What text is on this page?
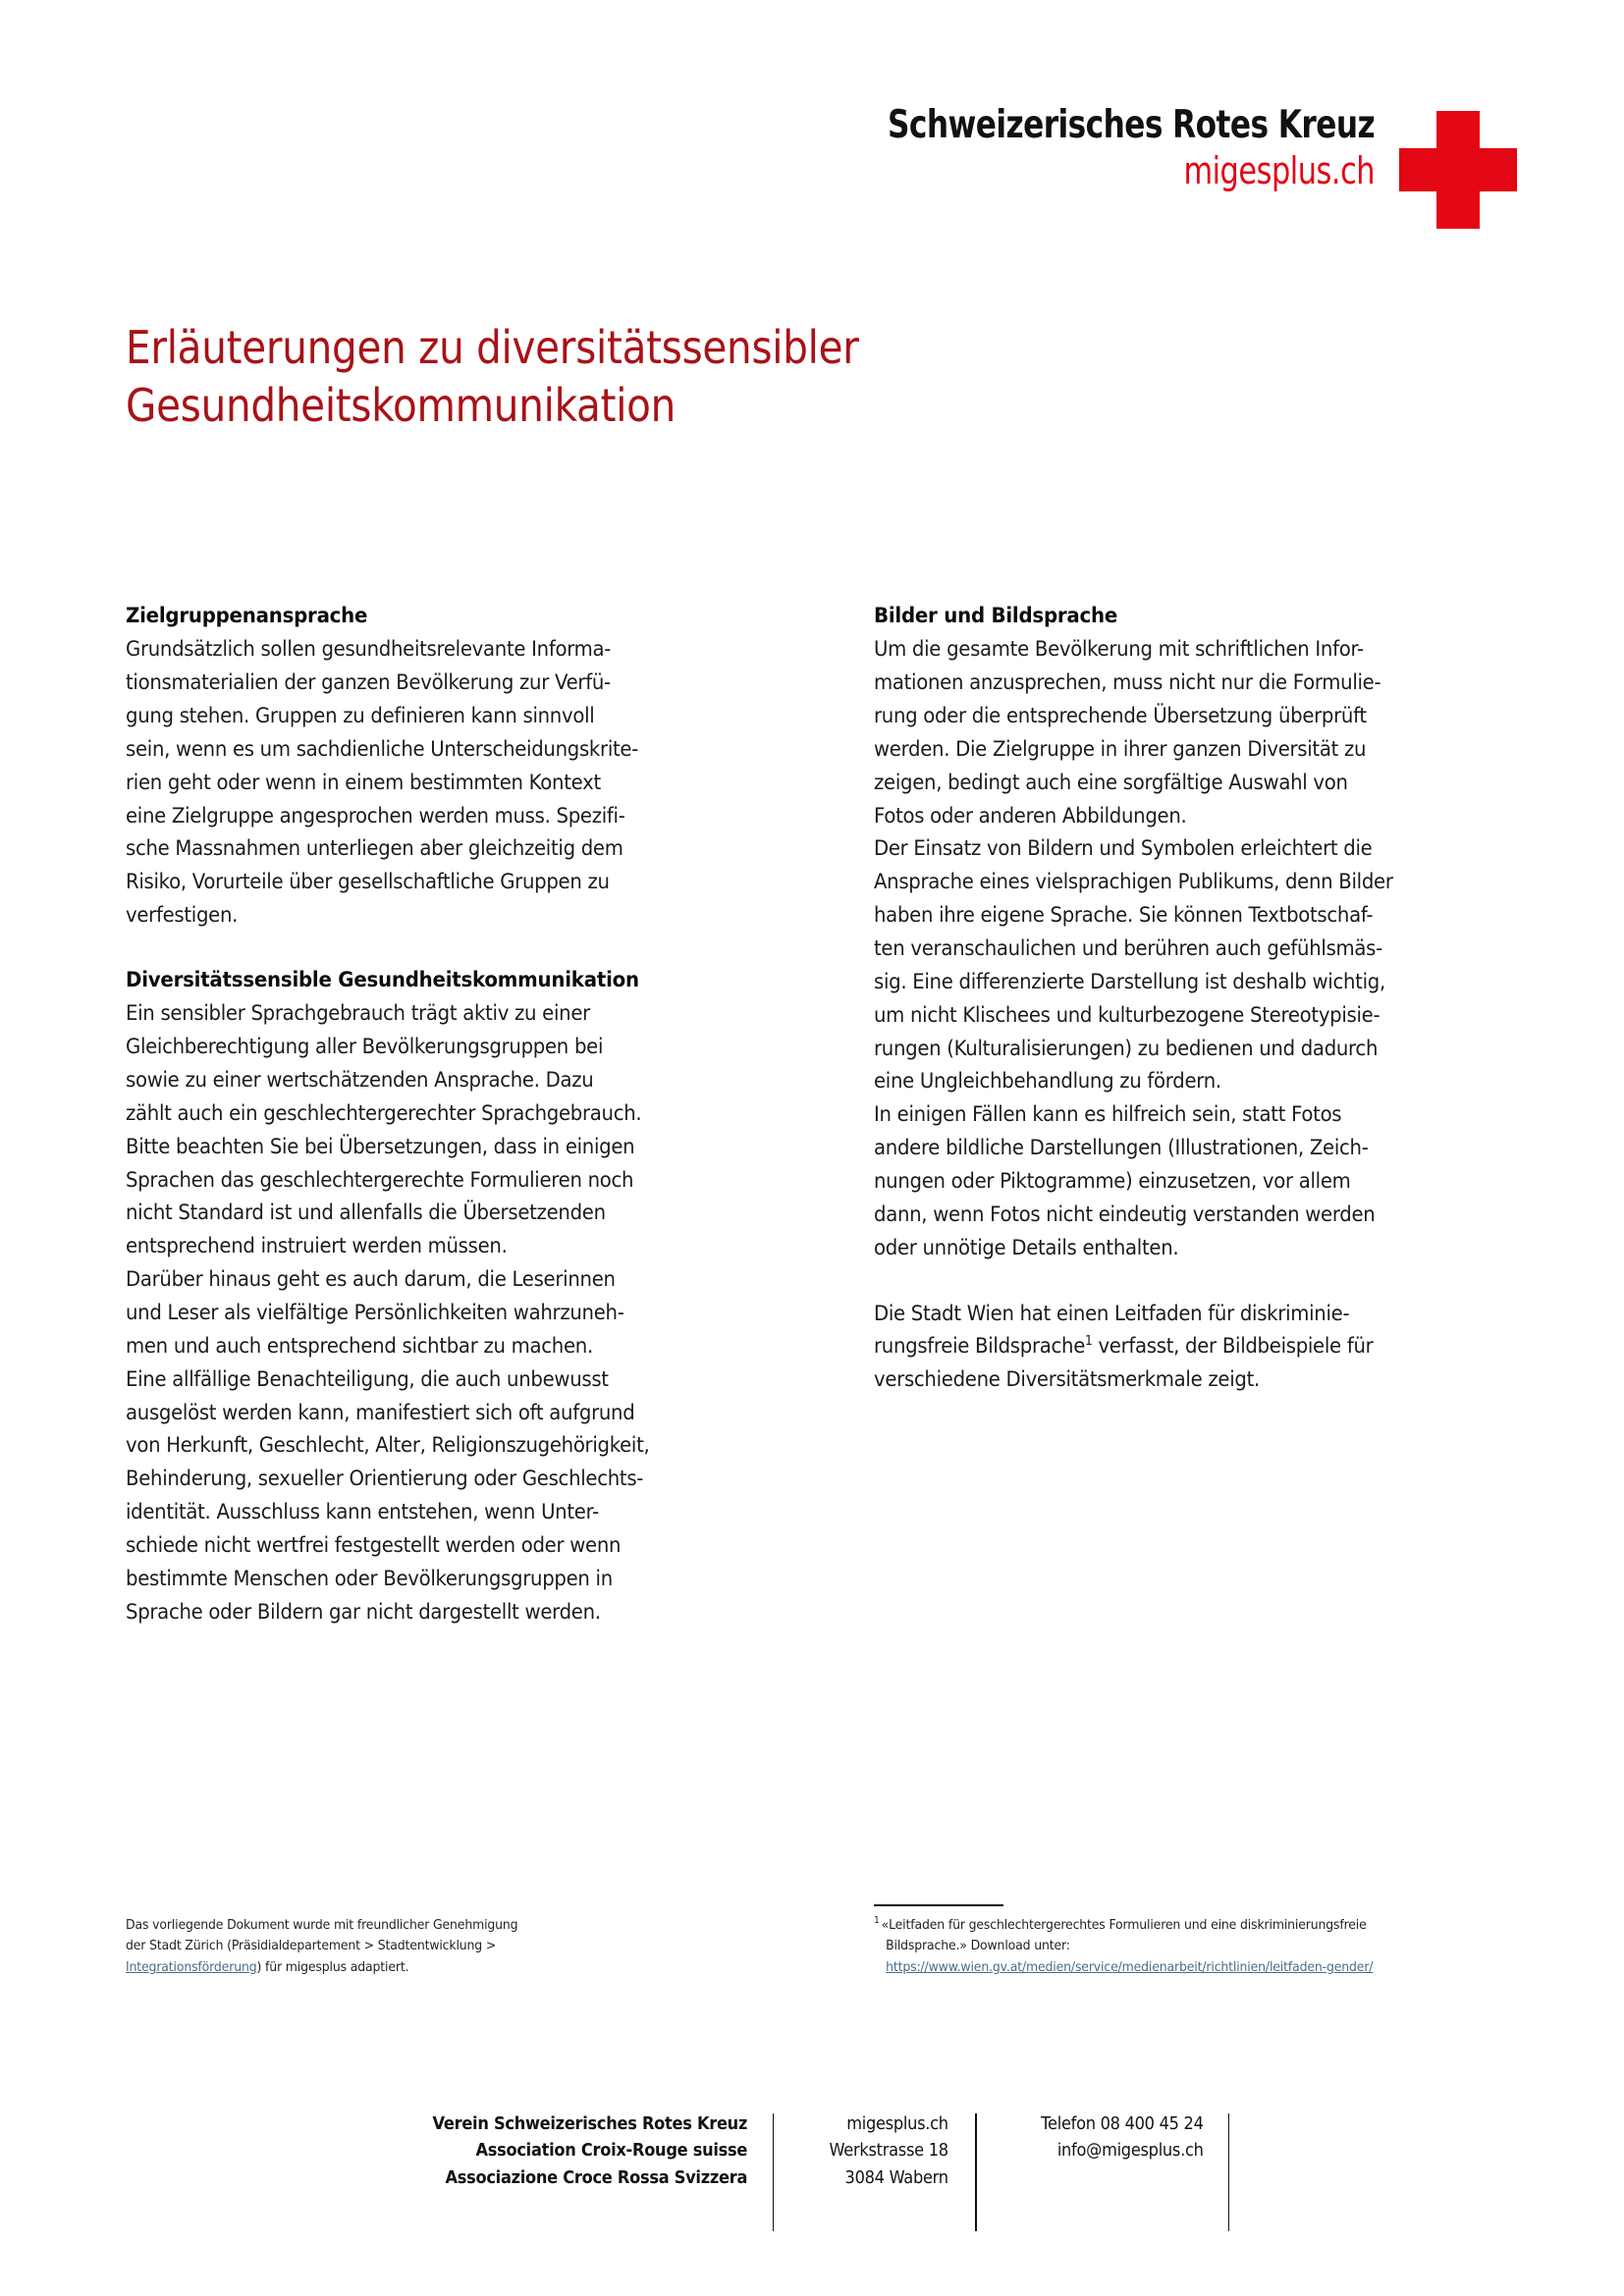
Schweizerisches Rotes Kreuz
migesplus.ch
Erläuterungen zu diversitätssensibler
Gesundheitskommunikation
Zielgruppenansprache

Grundsätzlich sollen gesundheitsrelevante Informa-
tionsmaterialien der ganzen Bevölkerung zur Verfü-
gung stehen. Gruppen zu definieren kann sinnvoll
sein, wenn es um sachdienliche Unterscheidungskrite-
rien geht oder wenn in einem bestimmten Kontext
eine Zielgruppe angesprochen werden muss. Spezifi-
sche Massnahmen unterliegen aber gleichzeitig dem
Risiko, Vorurteile über gesellschaftliche Gruppen zu
verfestigen.

Diversitätssensible Gesundheitskommunikation

Ein sensibler Sprachgebrauch trägt aktiv zu einer
Gleichberechtigung aller Bevölkerungsgruppen bei
sowie zu einer wertschätzenden Ansprache. Dazu
zählt auch ein geschlechtergerechter Sprachgebrauch.
Bitte beachten Sie bei Übersetzungen, dass in einigen
Sprachen das geschlechtergerechte Formulieren noch
nicht Standard ist und allenfalls die Übersetzenden
entsprechend instruiert werden müssen.
Darüber hinaus geht es auch darum, die Leserinnen
und Leser als vielfältige Persönlichkeiten wahrzuneh-
men und auch entsprechend sichtbar zu machen.
Eine allfällige Benachteiligung, die auch unbewusst
ausgelöst werden kann, manifestiert sich oft aufgrund
von Herkunft, Geschlecht, Alter, Religionszugehörigkeit,
Behinderung, sexueller Orientierung oder Geschlechts-
identität. Ausschluss kann entstehen, wenn Unter-
schiede nicht wertfrei festgestellt werden oder wenn
bestimmte Menschen oder Bevölkerungsgruppen in
Sprache oder Bildern gar nicht dargestellt werden.

Bilder und Bildsprache

Um die gesamte Bevölkerung mit schriftlichen Infor-
mationen anzusprechen, muss nicht nur die Formulie-
rung oder die entsprechende Übersetzung überprüft
werden. Die Zielgruppe in ihrer ganzen Diversität zu
zeigen, bedingt auch eine sorgfältige Auswahl von
Fotos oder anderen Abbildungen.
Der Einsatz von Bildern und Symbolen erleichtert die
Ansprache eines vielsprachigen Publikums, denn Bilder
haben ihre eigene Sprache. Sie können Textbotschaf-
ten veranschaulichen und berühren auch gefühlsmäs-
sig. Eine differenzierte Darstellung ist deshalb wichtig,
um nicht Klischees und kulturbezogene Stereotypisie-
rungen (Kulturalisierungen) zu bedienen und dadurch
eine Ungleichbehandlung zu fördern.
In einigen Fällen kann es hilfreich sein, statt Fotos
andere bildliche Darstellungen (Illustrationen, Zeich-
nungen oder Piktogramme) einzusetzen, vor allem
dann, wenn Fotos nicht eindeutig verstanden werden
oder unnötige Details enthalten.

Die Stadt Wien hat einen Leitfaden für diskriminie-
rungsfreie Bildsprache$^1$ verfasst, der Bildbeispiele für
verschiedene Diversitätsmerkmale zeigt.

Das vorliegende Dokument wurde mit freundlicher Genehmigung
der Stadt Zürich (Präsidialdepartement > Stadtentwicklung >
Integrationsförderung) für migesplus adaptiert.

$^1$ «Leitfaden für geschlechtergerechtes Formulieren und eine diskriminierungsfreie
Bildsprache.» Download unter:
https://www.wien.gv.at/medien/service/medienarbeit/richtlinien/leitfaden-gender/

Verein Schweizerisches Rotes Kreuz
Association Croix-Rouge suisse
Associazione Croce Rossa Svizzera
migesplus.ch
Werkstrasse 18
3084 Wabern
Telefon 08 400 45 24
info@migesplus.ch
